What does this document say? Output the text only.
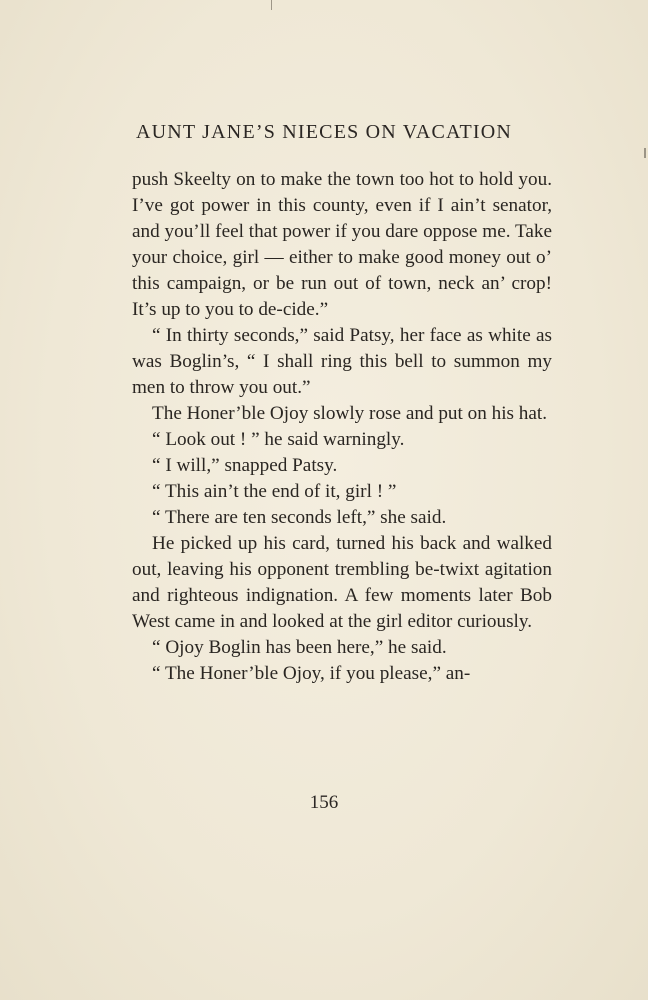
AUNT JANE’S NIECES ON VACATION

push Skeelty on to make the town too hot to hold you. I’ve got power in this county, even if I ain’t senator, and you’ll feel that power if you dare oppose me. Take your choice, girl — either to make good money out o’ this campaign, or be run out of town, neck an’ crop! It’s up to you to de-cide.”

“ In thirty seconds,” said Patsy, her face as white as was Boglin’s, “ I shall ring this bell to summon my men to throw you out.”

The Honer’ble Ojoy slowly rose and put on his hat.

“ Look out ! ” he said warningly.

“ I will,” snapped Patsy.

“ This ain’t the end of it, girl ! ”

“ There are ten seconds left,” she said.

He picked up his card, turned his back and walked out, leaving his opponent trembling be-twixt agitation and righteous indignation. A few moments later Bob West came in and looked at the girl editor curiously.

“ Ojoy Boglin has been here,” he said.

“ The Honer’ble Ojoy, if you please,” an-

156
